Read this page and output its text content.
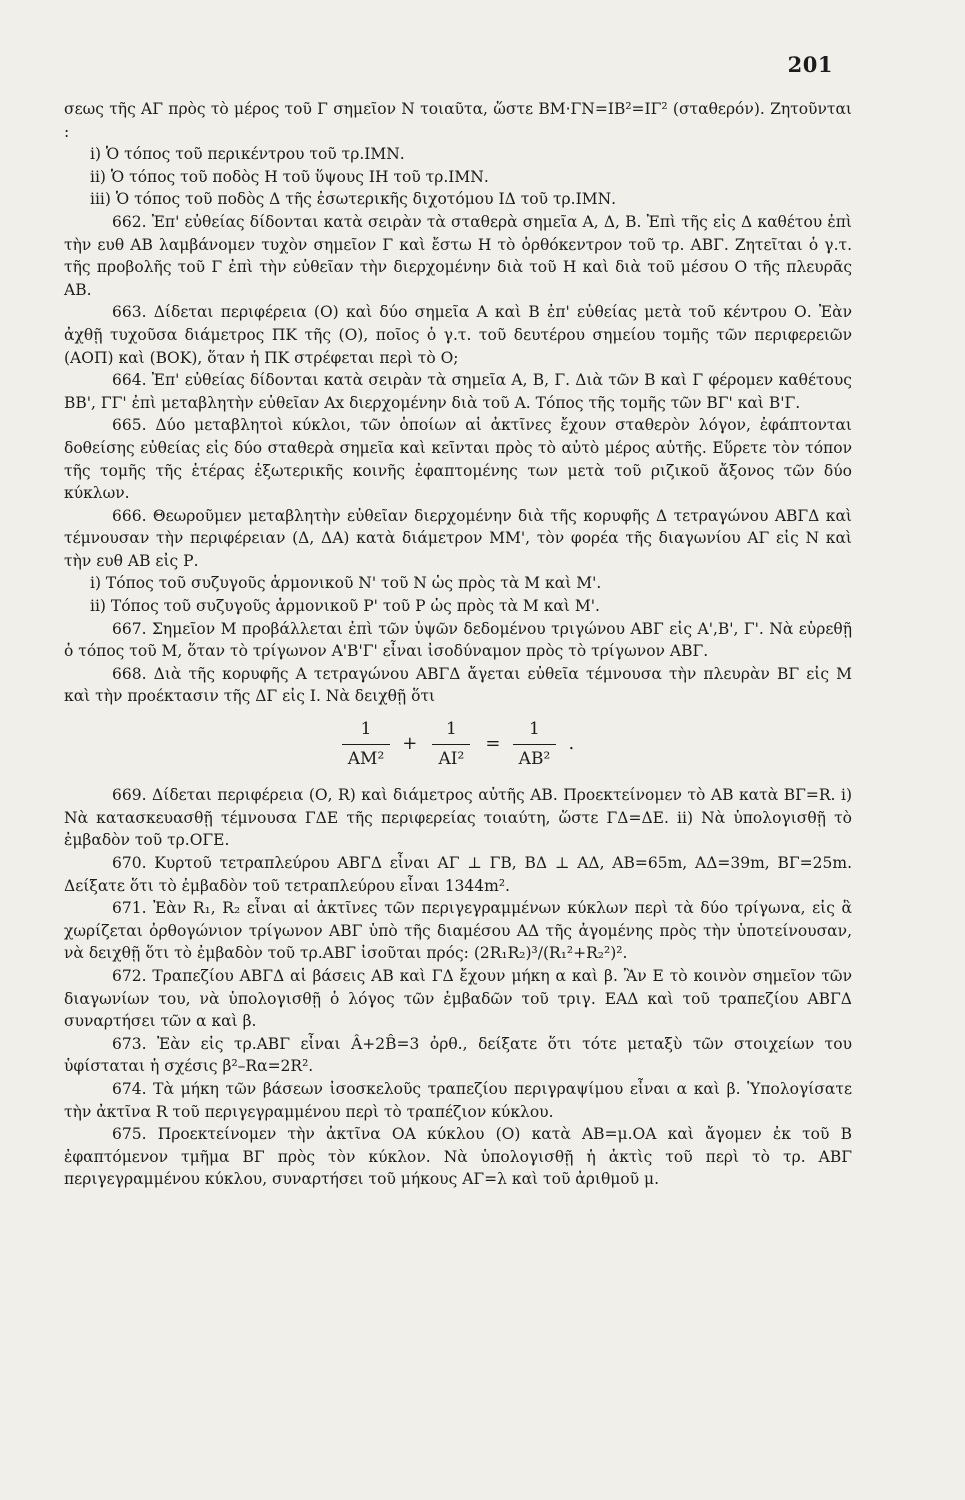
201

σεως τῆς ΑΓ πρὸς τὸ μέρος τοῦ Γ σημεῖον Ν τοιαῦτα, ὥστε ΒΜ·ΓΝ=ΙΒ²=ΙΓ² (σταθερόν). Ζητοῦνται :

i) Ὁ τόπος τοῦ περικέντρου τοῦ τρ.ΙΜΝ.

ii) Ὁ τόπος τοῦ ποδὸς Η τοῦ ὕψους ΙΗ τοῦ τρ.ΙΜΝ.

iii) Ὁ τόπος τοῦ ποδὸς Δ τῆς ἐσωτερικῆς διχοτόμου ΙΔ τοῦ τρ.ΙΜΝ.

662. Ἐπ' εὐθείας δίδονται κατὰ σειρὰν τὰ σταθερὰ σημεῖα Α, Δ, Β. Ἐπὶ τῆς εἰς Δ καθέτου ἐπὶ τὴν ευθ ΑΒ λαμβάνομεν τυχὸν σημεῖον Γ καὶ ἔστω Η τὸ ὀρθόκεντρον τοῦ τρ. ΑΒΓ. Ζητεῖται ὁ γ.τ. τῆς προβολῆς τοῦ Γ ἐπὶ τὴν εὐθεῖαν τὴν διερχομένην διὰ τοῦ Η καὶ διὰ τοῦ μέσου Ο τῆς πλευρᾶς ΑΒ.

663. Δίδεται περιφέρεια (Ο) καὶ δύο σημεῖα Α καὶ Β ἐπ' εὐθείας μετὰ τοῦ κέντρου Ο. Ἐὰν ἀχθῇ τυχοῦσα διάμετρος ΠΚ τῆς (Ο), ποῖος ὁ γ.τ. τοῦ δευτέρου σημείου τομῆς τῶν περιφερειῶν (ΑΟΠ) καὶ (ΒΟΚ), ὅταν ἡ ΠΚ στρέφεται περὶ τὸ Ο;

664. Ἐπ' εὐθείας δίδονται κατὰ σειρὰν τὰ σημεῖα Α, Β, Γ. Διὰ τῶν Β καὶ Γ φέρομεν καθέτους ΒΒ', ΓΓ' ἐπὶ μεταβλητὴν εὐθεῖαν Αx διερχομένην διὰ τοῦ Α. Τόπος τῆς τομῆς τῶν ΒΓ' καὶ Β'Γ.

665. Δύο μεταβλητοὶ κύκλοι, τῶν ὁποίων αἱ ἀκτῖνες ἔχουν σταθερὸν λόγον, ἐφάπτονται δοθείσης εὐθείας εἰς δύο σταθερὰ σημεῖα καὶ κεῖνται πρὸς τὸ αὐτὸ μέρος αὐτῆς. Εὕρετε τὸν τόπον τῆς τομῆς τῆς ἑτέρας ἐξωτερικῆς κοινῆς ἐφαπτομένης των μετὰ τοῦ ριζικοῦ ἄξονος τῶν δύο κύκλων.

666. Θεωροῦμεν μεταβλητὴν εὐθεῖαν διερχομένην διὰ τῆς κορυφῆς Δ τετραγώνου ΑΒΓΔ καὶ τέμνουσαν τὴν περιφέρειαν (Δ, ΔΑ) κατὰ διάμετρον ΜΜ', τὸν φορέα τῆς διαγωνίου ΑΓ εἰς Ν καὶ τὴν ευθ ΑΒ εἰς Ρ.

i) Τόπος τοῦ συζυγοῦς ἁρμονικοῦ Ν' τοῦ Ν ὡς πρὸς τὰ Μ καὶ Μ'.

ii) Τόπος τοῦ συζυγοῦς ἁρμονικοῦ Ρ' τοῦ Ρ ὡς πρὸς τὰ Μ καὶ Μ'.

667. Σημεῖον Μ προβάλλεται ἐπὶ τῶν ὑψῶν δεδομένου τριγώνου ΑΒΓ εἰς Α',Β', Γ'. Νὰ εὑρεθῇ ὁ τόπος τοῦ Μ, ὅταν τὸ τρίγωνον Α'Β'Γ' εἶναι ἰσοδύναμον πρὸς τὸ τρίγωνον ΑΒΓ.

668. Διὰ τῆς κορυφῆς Α τετραγώνου ΑΒΓΔ ἄγεται εὐθεῖα τέμνουσα τὴν πλευρὰν ΒΓ εἰς Μ καὶ τὴν προέκτασιν τῆς ΔΓ εἰς Ι. Νὰ δειχθῇ ὅτι

$\frac{1}{\text{ΑΜ²}} + \frac{1}{\text{ΑΙ²}} = \frac{1}{\text{ΑΒ²}}$ .

669. Δίδεται περιφέρεια (Ο, R) καὶ διάμετρος αὐτῆς ΑΒ. Προεκτείνομεν τὸ ΑΒ κατὰ ΒΓ=R. i) Νὰ κατασκευασθῇ τέμνουσα ΓΔΕ τῆς περιφερείας τοιαύτη, ὥστε ΓΔ=ΔΕ. ii) Νὰ ὑπολογισθῇ τὸ ἐμβαδὸν τοῦ τρ.ΟΓΕ.

670. Κυρτοῦ τετραπλεύρου ΑΒΓΔ εἶναι ΑΓ ⊥ ΓΒ, ΒΔ ⊥ ΑΔ, ΑΒ=65m, ΑΔ=39m, ΒΓ=25m. Δείξατε ὅτι τὸ ἐμβαδὸν τοῦ τετραπλεύρου εἶναι 1344m².

671. Ἐὰν R₁, R₂ εἶναι αἱ ἀκτῖνες τῶν περιγεγραμμένων κύκλων περὶ τὰ δύο τρίγωνα, εἰς ἃ χωρίζεται ὀρθογώνιον τρίγωνον ΑΒΓ ὑπὸ τῆς διαμέσου ΑΔ τῆς ἀγομένης πρὸς τὴν ὑποτείνουσαν, νὰ δειχθῇ ὅτι τὸ ἐμβαδὸν τοῦ τρ.ΑΒΓ ἰσοῦται πρός: (2R₁R₂)³/(R₁²+R₂²)².

672. Τραπεζίου ΑΒΓΔ αἱ βάσεις ΑΒ καὶ ΓΔ ἔχουν μήκη α καὶ β. Ἂν Ε τὸ κοινὸν σημεῖον τῶν διαγωνίων του, νὰ ὑπολογισθῇ ὁ λόγος τῶν ἐμβαδῶν τοῦ τριγ. ΕΑΔ καὶ τοῦ τραπεζίου ΑΒΓΔ συναρτήσει τῶν α καὶ β.

673. Ἐὰν εἰς τρ.ΑΒΓ εἶναι Â+2B̂=3 ὀρθ., δείξατε ὅτι τότε μεταξὺ τῶν στοιχείων του ὑφίσταται ἡ σχέσις β²–Rα=2R².

674. Τὰ μήκη τῶν βάσεων ἰσοσκελοῦς τραπεζίου περιγραψίμου εἶναι α καὶ β. Ὑπολογίσατε τὴν ἀκτῖνα R τοῦ περιγεγραμμένου περὶ τὸ τραπέζιον κύκλου.

675. Προεκτείνομεν τὴν ἀκτῖνα ΟΑ κύκλου (Ο) κατὰ ΑΒ=μ.ΟΑ καὶ ἄγομεν ἐκ τοῦ Β ἐφαπτόμενον τμῆμα ΒΓ πρὸς τὸν κύκλον. Νὰ ὑπολογισθῇ ἡ ἀκτὶς τοῦ περὶ τὸ τρ. ΑΒΓ περιγεγραμμένου κύκλου, συναρτήσει τοῦ μήκους ΑΓ=λ καὶ τοῦ ἀριθμοῦ μ.
